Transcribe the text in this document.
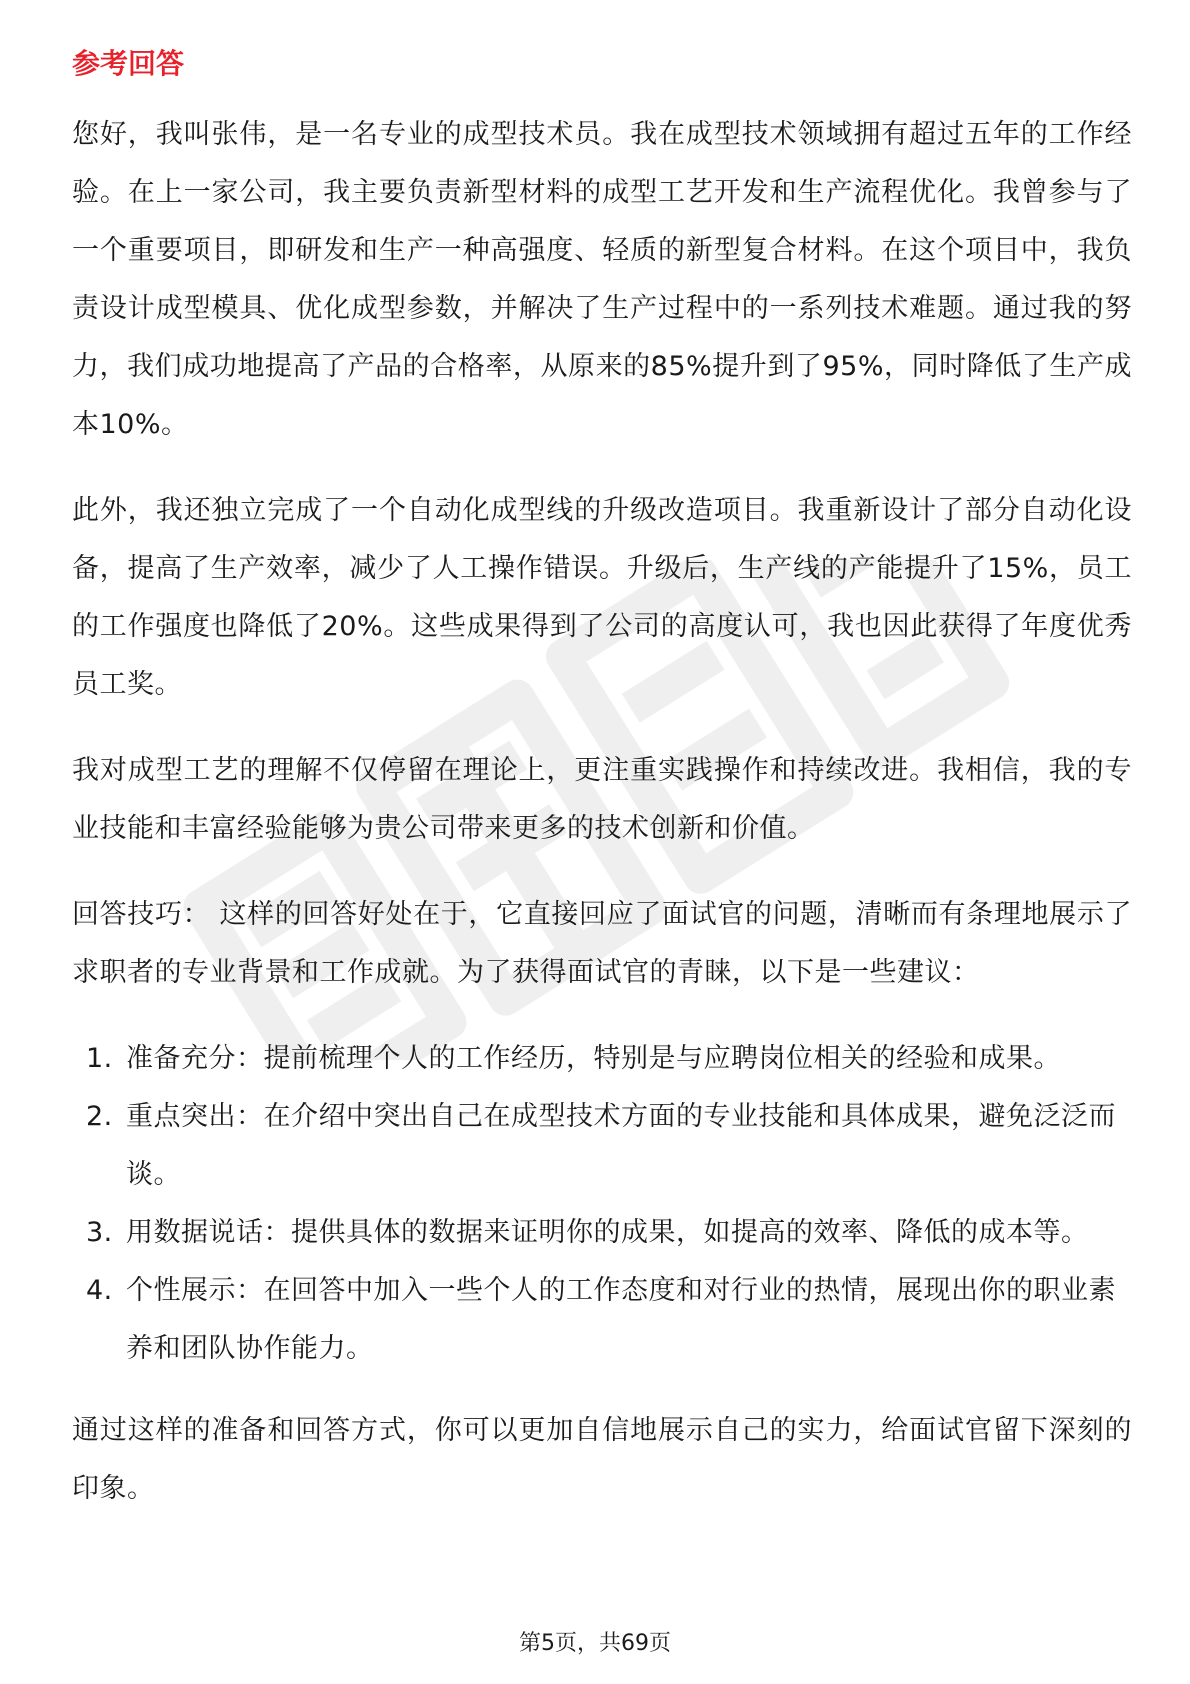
参考回答

您好，我叫张伟，是一名专业的成型技术员。我在成型技术领域拥有超过五年的工作经验。在上一家公司，我主要负责新型材料的成型工艺开发和生产流程优化。我曾参与了一个重要项目，即研发和生产一种高强度、轻质的新型复合材料。在这个项目中，我负责设计成型模具、优化成型参数，并解决了生产过程中的一系列技术难题。通过我的努力，我们成功地提高了产品的合格率，从原来的85%提升到了95%，同时降低了生产成本10%。

此外，我还独立完成了一个自动化成型线的升级改造项目。我重新设计了部分自动化设备，提高了生产效率，减少了人工操作错误。升级后，生产线的产能提升了15%，员工的工作强度也降低了20%。这些成果得到了公司的高度认可，我也因此获得了年度优秀员工奖。

我对成型工艺的理解不仅停留在理论上，更注重实践操作和持续改进。我相信，我的专业技能和丰富经验能够为贵公司带来更多的技术创新和价值。

回答技巧： 这样的回答好处在于，它直接回应了面试官的问题，清晰而有条理地展示了求职者的专业背景和工作成就。为了获得面试官的青睐，以下是一些建议：

1. 准备充分：提前梳理个人的工作经历，特别是与应聘岗位相关的经验和成果。
2. 重点突出：在介绍中突出自己在成型技术方面的专业技能和具体成果，避免泛泛而谈。
3. 用数据说话：提供具体的数据来证明你的成果，如提高的效率、降低的成本等。
4. 个性展示：在回答中加入一些个人的工作态度和对行业的热情，展现出你的职业素养和团队协作能力。

通过这样的准备和回答方式，你可以更加自信地展示自己的实力，给面试官留下深刻的印象。

第5页，共69页
